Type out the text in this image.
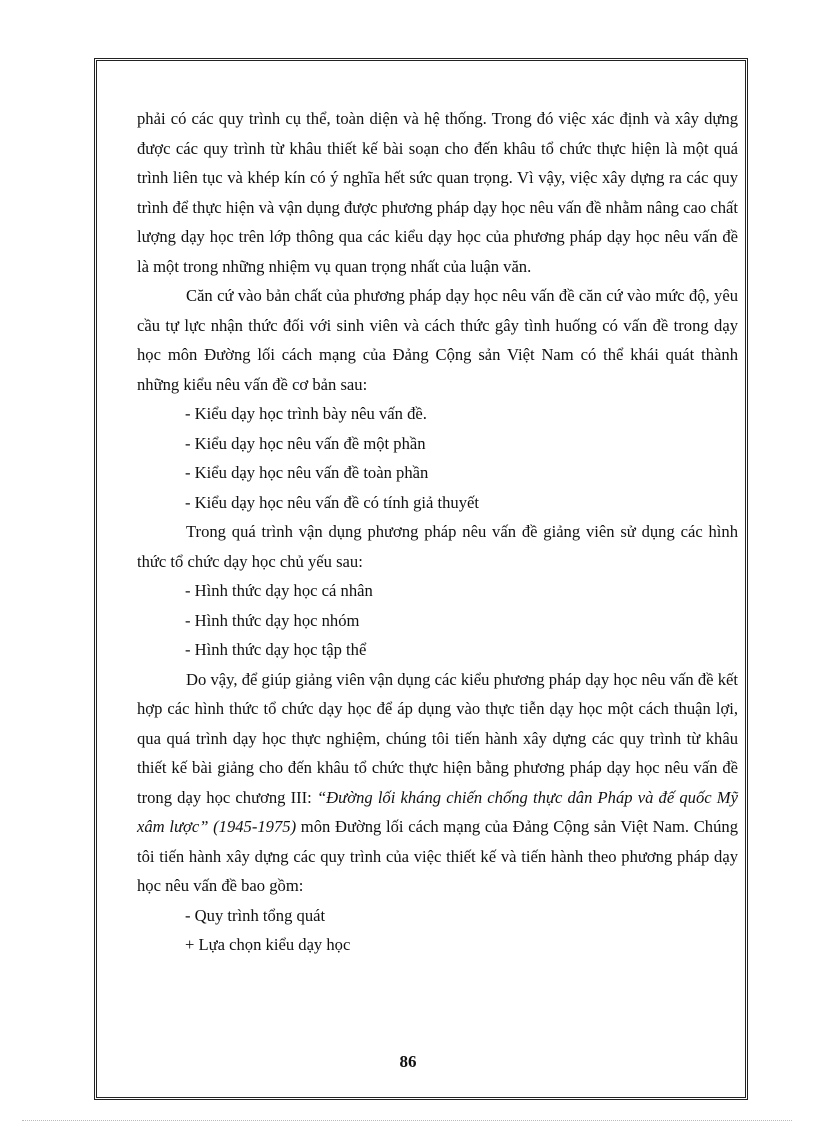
phải có các quy trình cụ thể, toàn diện và hệ thống. Trong đó việc xác định và xây dựng được các quy trình từ khâu thiết kế bài soạn cho đến khâu tổ chức thực hiện là một quá trình liên tục và khép kín có ý nghĩa hết sức quan trọng. Vì vậy, việc xây dựng ra các quy trình để thực hiện và vận dụng được phương pháp dạy học nêu vấn đề nhằm nâng cao chất lượng dạy học trên lớp thông qua các kiểu dạy học của phương pháp dạy học nêu vấn đề là một trong những nhiệm vụ quan trọng nhất của luận văn.

Căn cứ vào bản chất của phương pháp dạy học nêu vấn đề căn cứ vào mức độ, yêu cầu tự lực nhận thức đối với sinh viên và cách thức gây tình huống có vấn đề trong dạy học môn Đường lối cách mạng của Đảng Cộng sản Việt Nam có thể khái quát thành những kiểu nêu vấn đề cơ bản sau:

- Kiểu dạy học trình bày nêu vấn đề.

- Kiểu dạy học nêu vấn đề một phần

- Kiểu dạy học nêu vấn đề toàn phần

- Kiểu dạy học nêu vấn đề có tính giả thuyết

Trong quá trình vận dụng phương pháp nêu vấn đề giảng viên sử dụng các hình thức tổ chức dạy học chủ yếu sau:

- Hình thức dạy học cá nhân

- Hình thức dạy học nhóm

- Hình thức dạy học tập thể

Do vậy, để giúp giảng viên vận dụng các kiểu phương pháp dạy học nêu vấn đề kết hợp các hình thức tổ chức dạy học để áp dụng vào thực tiễn dạy học một cách thuận lợi, qua quá trình dạy học thực nghiệm, chúng tôi tiến hành xây dựng các quy trình từ khâu thiết kế bài giảng cho đến khâu tổ chức thực hiện bằng phương pháp dạy học nêu vấn đề trong dạy học chương III: “Đường lối kháng chiến chống thực dân Pháp và đế quốc Mỹ xâm lược” (1945-1975) môn Đường lối cách mạng của Đảng Cộng sản Việt Nam. Chúng tôi tiến hành xây dựng các quy trình của việc thiết kế và tiến hành theo phương pháp dạy học nêu vấn đề bao gồm:

- Quy trình tổng quát

+ Lựa chọn kiểu dạy học

86
